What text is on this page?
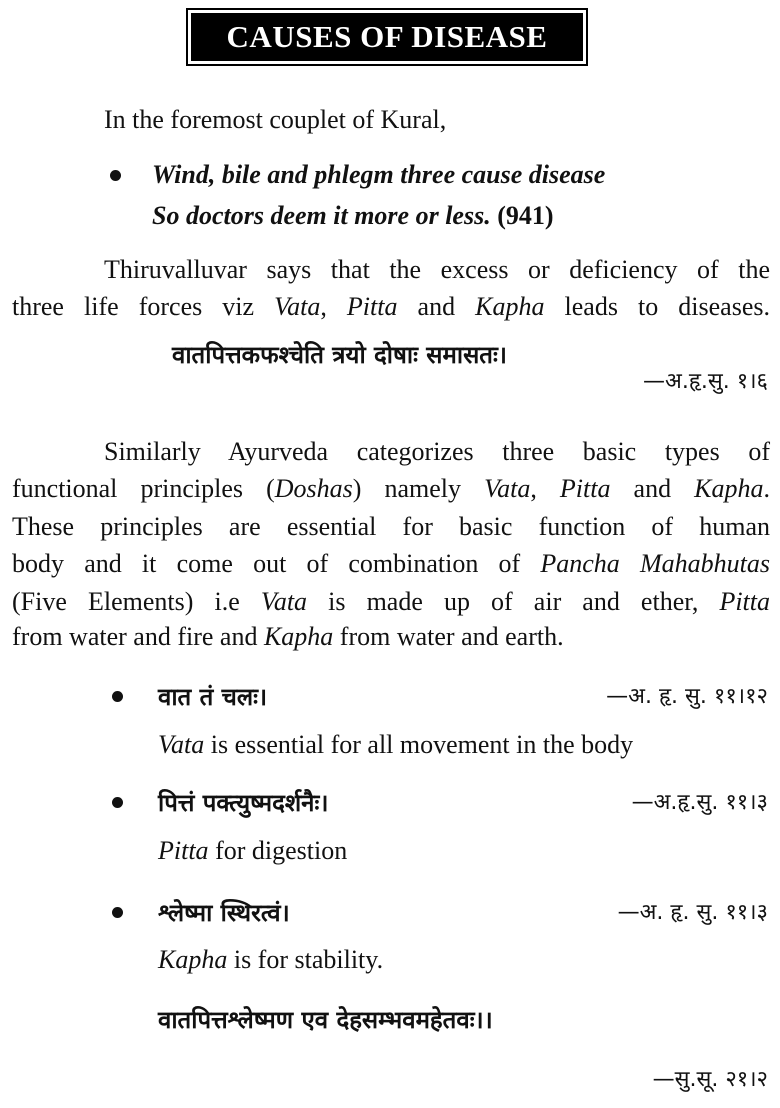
CAUSES OF DISEASE
In the foremost couplet of Kural,
Wind, bile and phlegm three cause disease
So doctors deem it more or less. (941)
Thiruvalluvar says that the excess or deficiency of the
three life forces viz Vata, Pitta and Kapha leads to diseases.
वातपित्तकफश्चेति त्रयो दोषाः समासतः।
—अ.हृ.सु. १।६
Similarly Ayurveda categorizes three basic types of
functional principles (Doshas) namely Vata, Pitta and Kapha.
These principles are essential for basic function of human
body and it come out of combination of Pancha Mahabhutas
(Five Elements) i.e Vata is made up of air and ether, Pitta
from water and fire and Kapha from water and earth.
वात तं चलः।	—अ. हृ. सु. ११।१२
Vata is essential for all movement in the body
पित्तं पक्त्युष्मदर्शनैः।	—अ.हृ.सु. ११।३
Pitta for digestion
श्लेष्मा स्थिरत्वं।	—अ. हृ. सु. ११।३
Kapha is for stability.
वातपित्तश्लेष्मण एव देहसम्भवमहेतवः।।
—सु.सू. २१।२
